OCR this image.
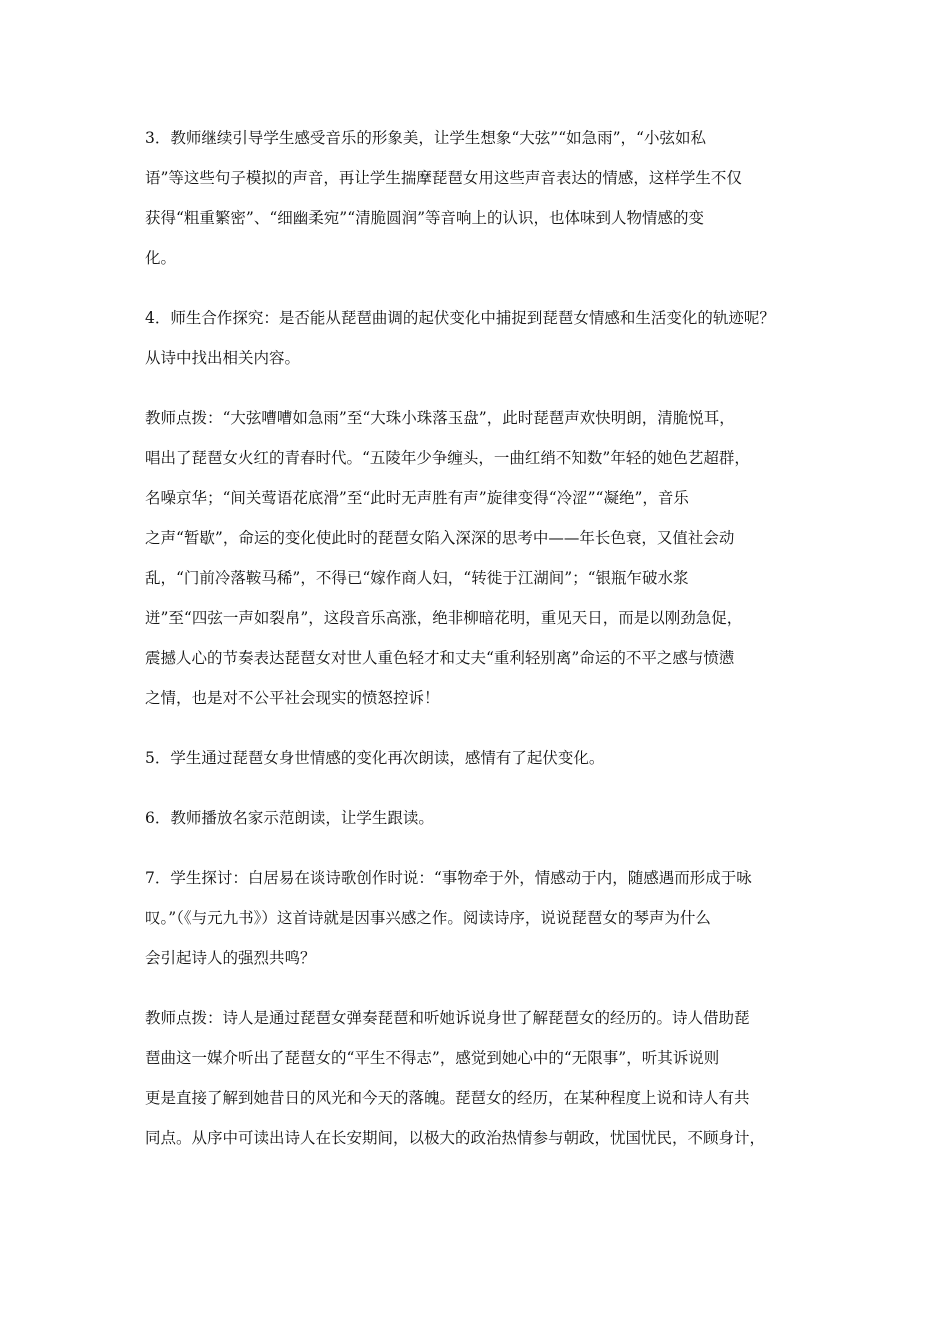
3．教师继续引导学生感受音乐的形象美，让学生想象“大弦”“如急雨”，“小弦如私
语”等这些句子模拟的声音，再让学生揣摩琵琶女用这些声音表达的情感，这样学生不仅
获得“粗重繁密”、“细幽柔宛”“清脆圆润”等音响上的认识，也体味到人物情感的变
化。
4．师生合作探究：是否能从琵琶曲调的起伏变化中捕捉到琵琶女情感和生活变化的轨迹呢？
从诗中找出相关内容。
教师点拨：“大弦嘈嘈如急雨”至“大珠小珠落玉盘”，此时琵琶声欢快明朗，清脆悦耳，
唱出了琵琶女火红的青春时代。“五陵年少争缠头，一曲红绡不知数”年轻的她色艺超群，
名噪京华；“间关莺语花底滑”至“此时无声胜有声”旋律变得“冷涩”“凝绝”，音乐
之声“暂歇”，命运的变化使此时的琵琶女陷入深深的思考中——年长色衰，又值社会动
乱，“门前冷落鞍马稀”，不得已“嫁作商人妇，“转徙于江湖间”；“银瓶乍破水浆
迸”至“四弦一声如裂帛”，这段音乐高涨，绝非柳暗花明，重见天日，而是以刚劲急促，
震撼人心的节奏表达琵琶女对世人重色轻才和丈夫“重利轻别离”命运的不平之感与愤懑
之情，也是对不公平社会现实的愤怒控诉！
5．学生通过琵琶女身世情感的变化再次朗读，感情有了起伏变化。
6．教师播放名家示范朗读，让学生跟读。
7．学生探讨：白居易在谈诗歌创作时说：“事物牵于外，情感动于内，随感遇而形成于咏
叹。”（《与元九书》）这首诗就是因事兴感之作。阅读诗序，说说琵琶女的琴声为什么
会引起诗人的强烈共鸣？
教师点拨：诗人是通过琵琶女弹奏琵琶和听她诉说身世了解琵琶女的经历的。诗人借助琵
琶曲这一媒介听出了琵琶女的“平生不得志”，感觉到她心中的“无限事”，听其诉说则
更是直接了解到她昔日的风光和今天的落魄。琵琶女的经历，在某种程度上说和诗人有共
同点。从序中可读出诗人在长安期间，以极大的政治热情参与朝政，忧国忧民，不顾身计，
